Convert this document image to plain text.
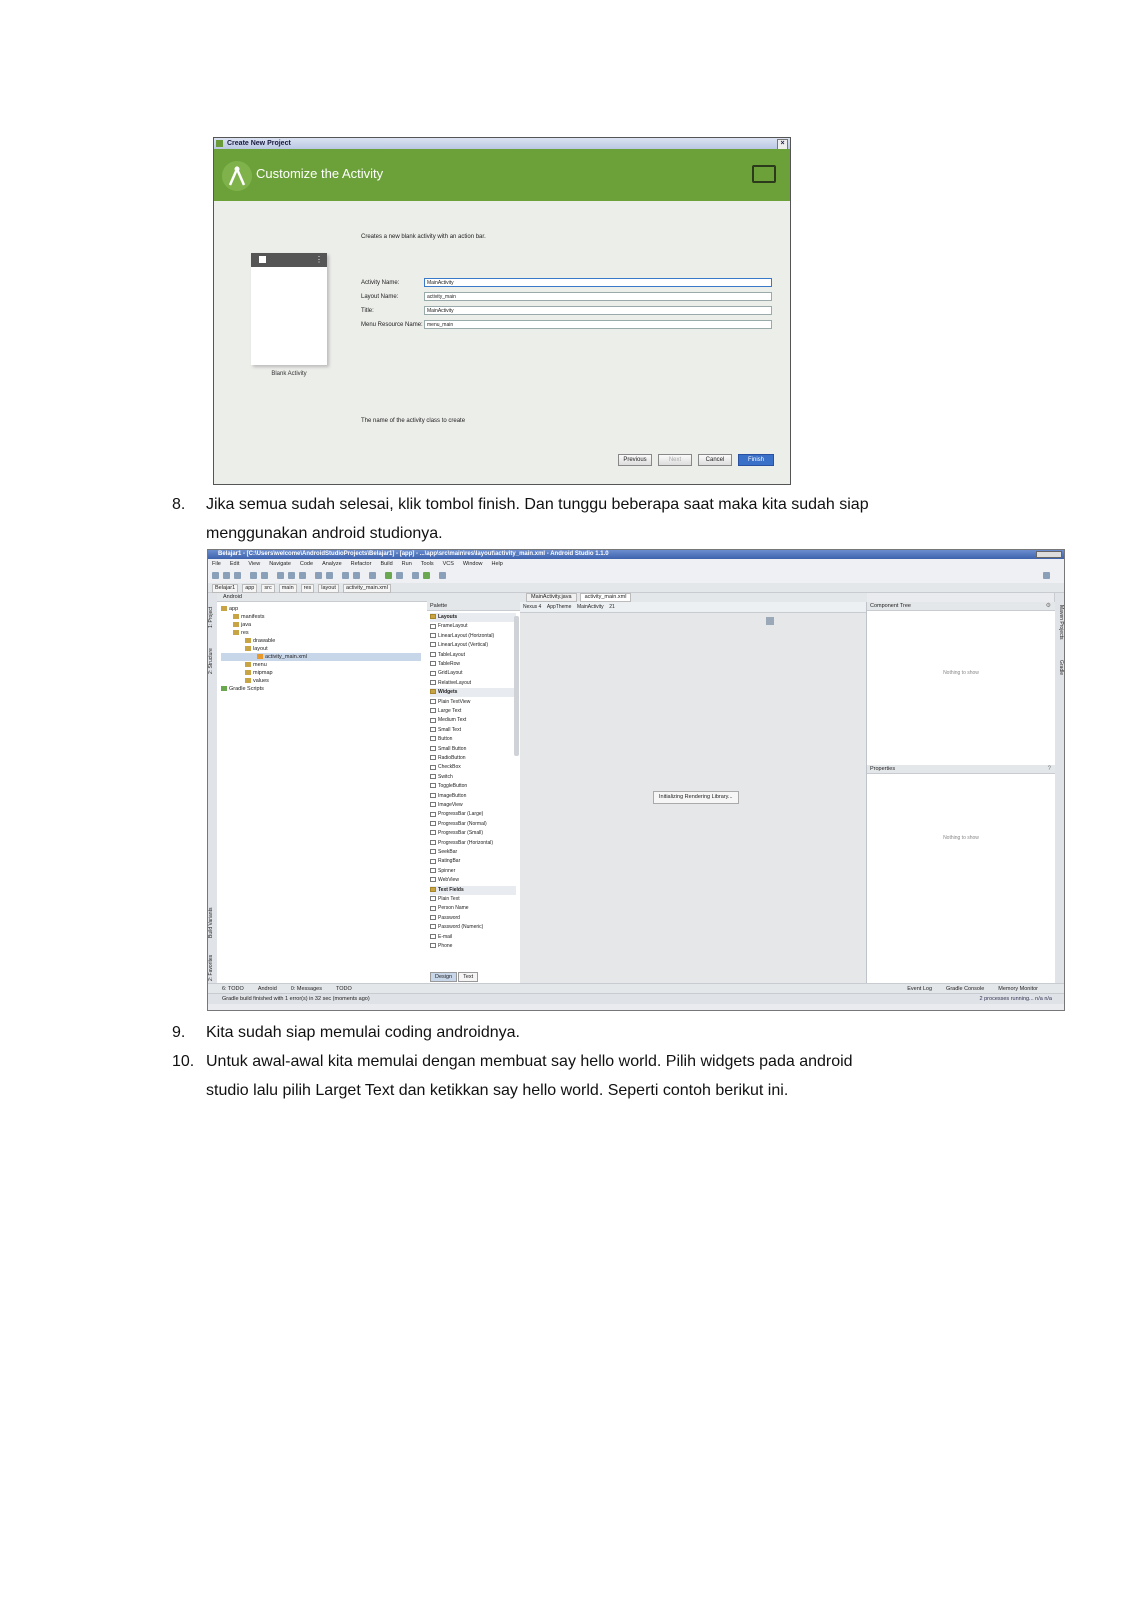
Create New Project	×
Customize the Activity
⋮
Blank Activity
Creates a new blank activity with an action bar.
Activity Name:	MainActivity
Layout Name:	activity_main
Title:	MainActivity
Menu Resource Name: menu_main
The name of the activity class to create
Previous	Next	Cancel	Finish
8. Jika semua sudah selesai, klik tombol finish. Dan tunggu beberapa saat maka kita sudah siap
menggunakan android studionya.
Belajar1 - [C:\Users\welcome\AndroidStudioProjects\Belajar1] - [app] - ...\app\src\main\res\layout\activity_main.xml - Android Studio 1.1.0
File Edit View Navigate Code Analyze Refactor Build Run Tools VCS Window Help
Belajar1 app src main res layout activity_main.xml
1: Project
2: Structure
Build Variants
2: Favorites
Maven Projects
Gradle
Android
app
manifests
java
res
drawable
layout
activity_main.xml
menu
mipmap
values
Gradle Scripts
MainActivity.java activity_main.xml
Palette
Layouts
FrameLayout
LinearLayout (Horizontal)
LinearLayout (Vertical)
TableLayout
TableRow
GridLayout
RelativeLayout
Widgets
Plain TextView
Large Text
Medium Text
Small Text
Button
Small Button
RadioButton
CheckBox
Switch
ToggleButton
ImageButton
ImageView
ProgressBar (Large)
ProgressBar (Normal)
ProgressBar (Small)
ProgressBar (Horizontal)
SeekBar
RatingBar
Spinner
WebView
Text Fields
Plain Text
Person Name
Password
Password (Numeric)
E-mail
Phone
Nexus 4 AppTheme MainActivity 21
Initializing Rendering Library...
Component Tree	⚙
Nothing to show
Properties	?
Nothing to show
Design Text
6: TODO	Android	0: Messages	TODO	Event Log	Gradle Console	Memory Monitor
Gradle build finished with 1 error(s) in 32 sec (moments ago)	2 processes running... n/a n/a
9. Kita sudah siap memulai coding androidnya.
10. Untuk awal-awal kita memulai dengan membuat say hello world. Pilih widgets pada android
studio lalu pilih Larget Text dan ketikkan say hello world. Seperti contoh berikut ini.
